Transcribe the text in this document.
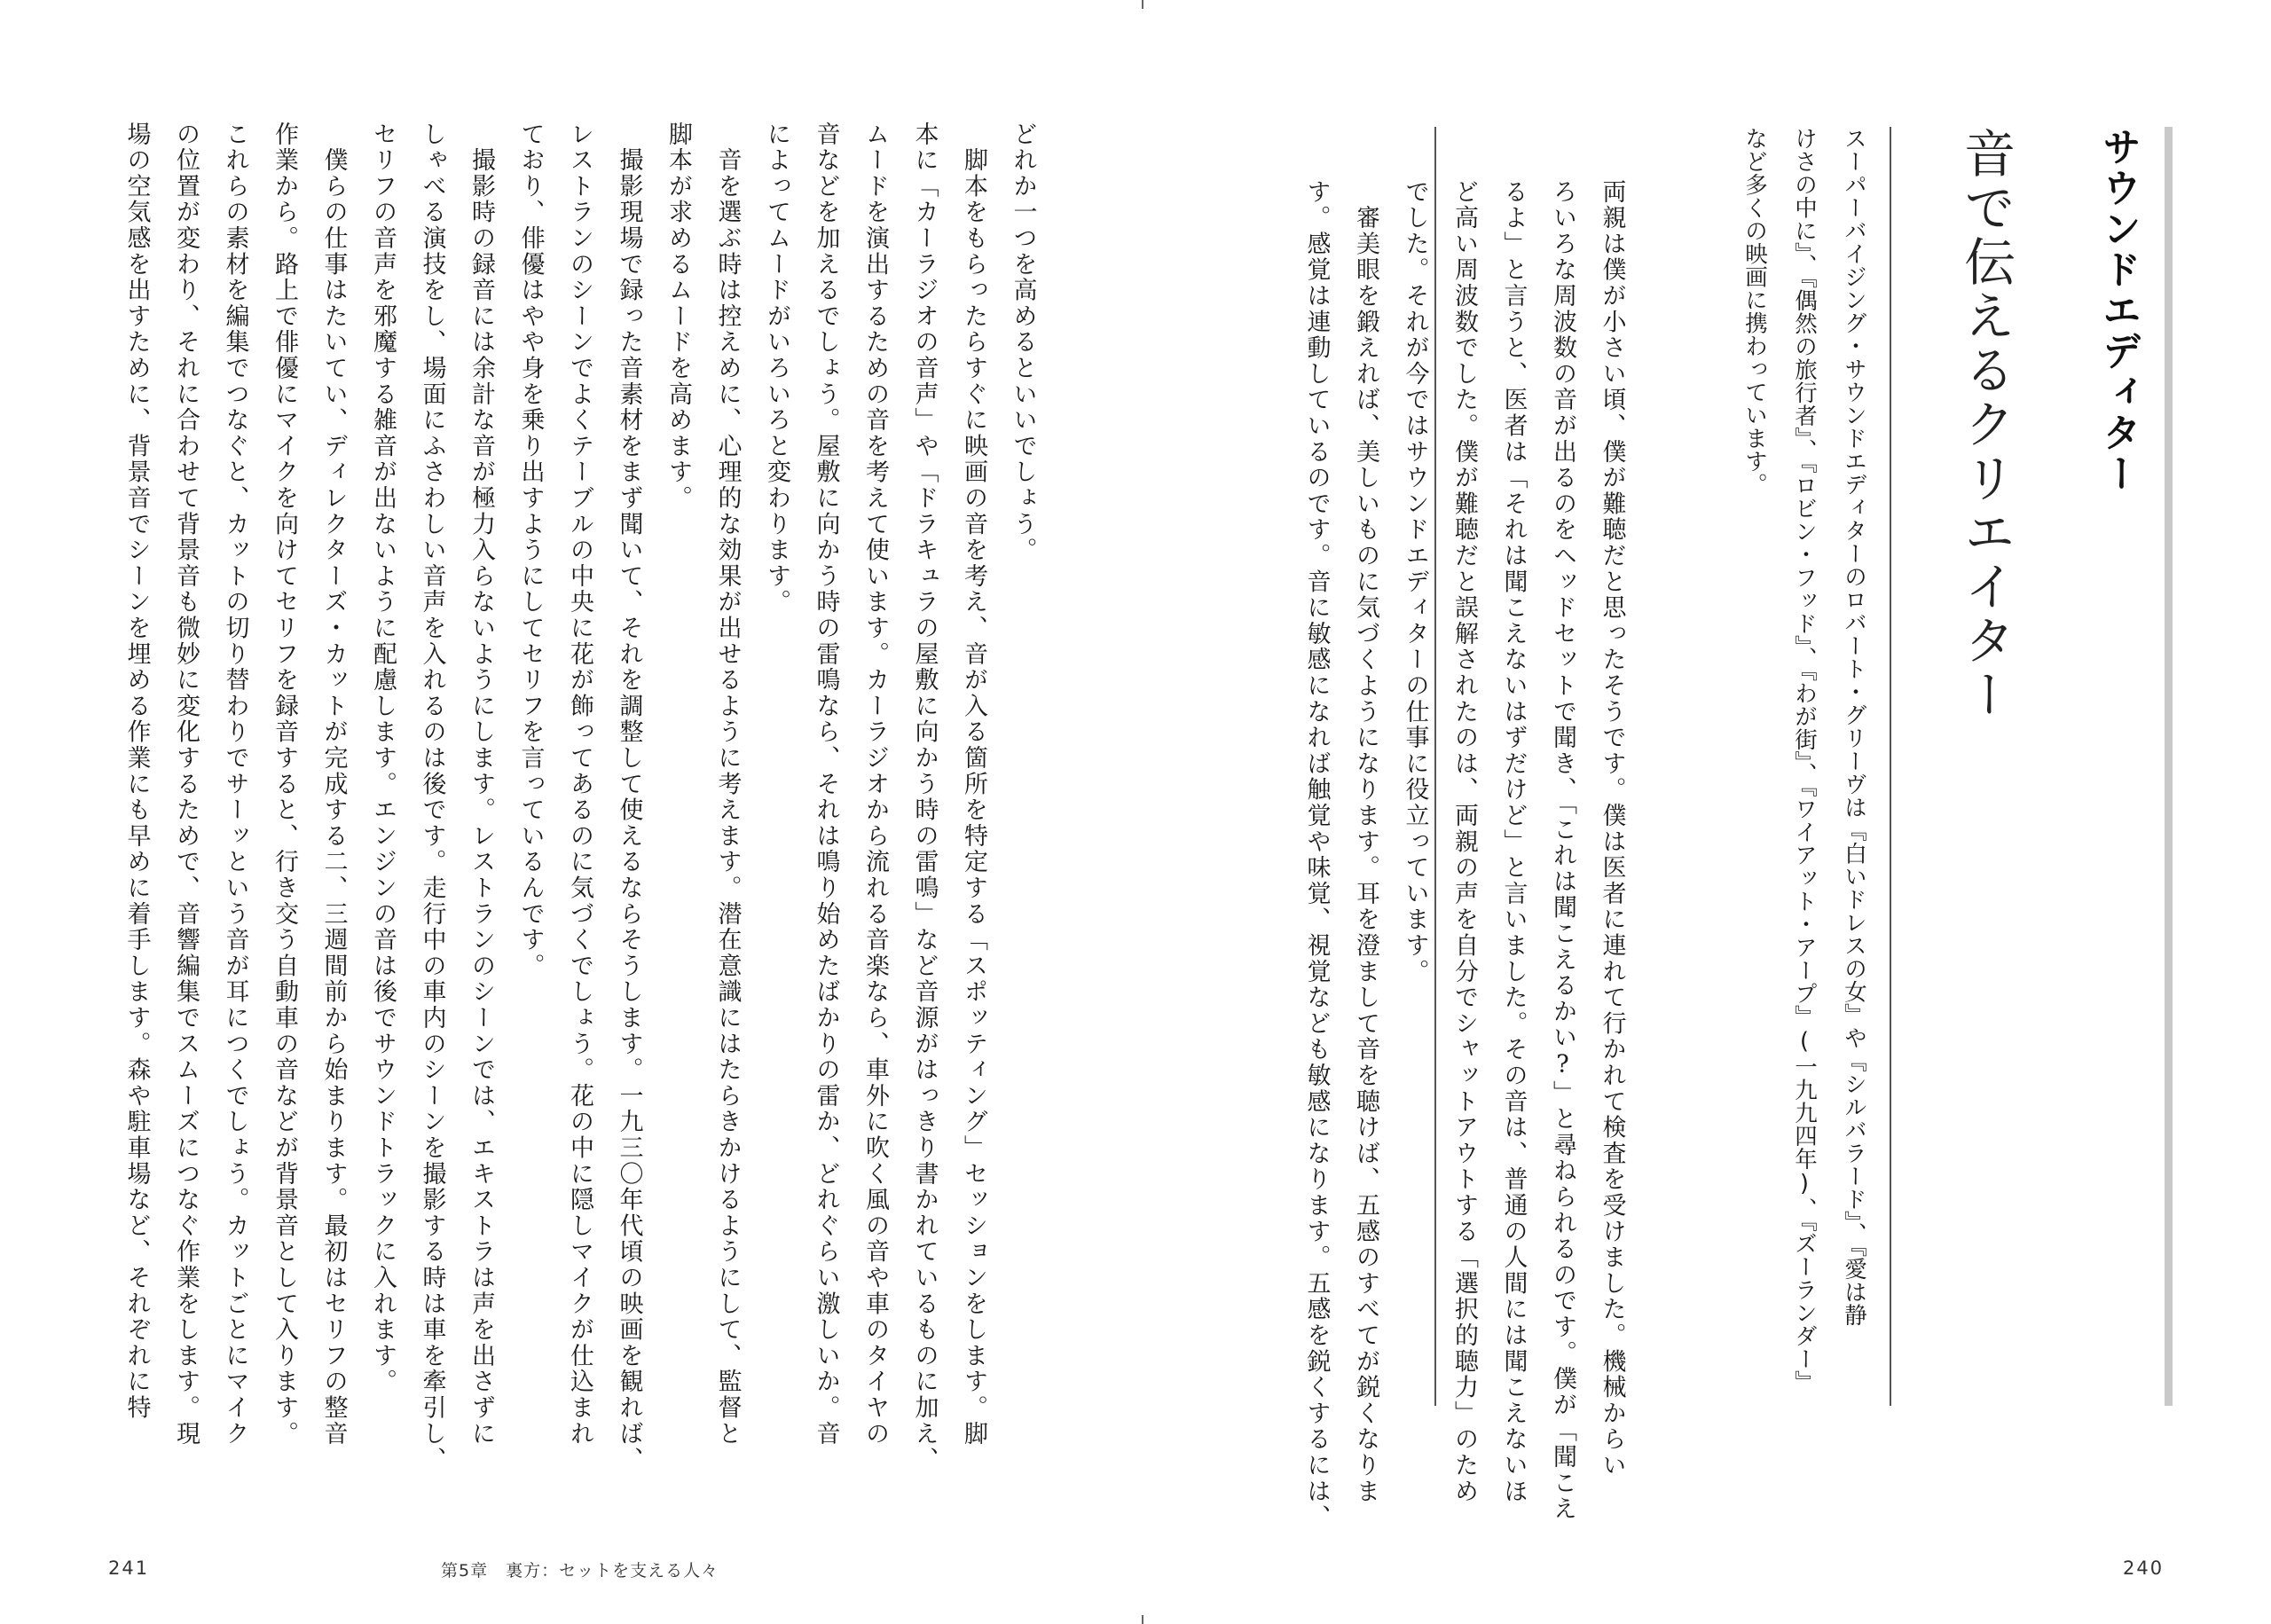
サウンドエディター
音で伝えるクリエイター
スーパーバイジング・サウンドエディターのロバート・グリーヴは『白いドレスの女』や『シルバラード』、『愛は静
けさの中に』、『偶然の旅行者』、『ロビン・フッド』、『わが街』、『ワイアット・アープ』(一九九四年)、『ズーランダー』
など多くの映画に携わっています。
両親は僕が小さい頃、僕が難聴だと思ったそうです。僕は医者に連れて行かれて検査を受けました。機械からい
ろいろな周波数の音が出るのをヘッドセットで聞き、「これは聞こえるかい?」と尋ねられるのです。僕が「聞こえ
るよ」と言うと、医者は「それは聞こえないはずだけど」と言いました。その音は、普通の人間には聞こえないほ
ど高い周波数でした。僕が難聴だと誤解されたのは、両親の声を自分でシャットアウトする「選択的聴力」のため
でした。それが今ではサウンドエディターの仕事に役立っています。
　審美眼を鍛えれば、美しいものに気づくようになります。耳を澄まして音を聴けば、五感のすべてが鋭くなりま
す。感覚は連動しているのです。音に敏感になれば触覚や味覚、視覚なども敏感になります。五感を鋭くするには、
どれか一つを高めるといいでしょう。
　脚本をもらったらすぐに映画の音を考え、音が入る箇所を特定する「スポッティング」セッションをします。脚
本に「カーラジオの音声」や「ドラキュラの屋敷に向かう時の雷鳴」など音源がはっきり書かれているものに加え、
ムードを演出するための音を考えて使います。カーラジオから流れる音楽なら、車外に吹く風の音や車のタイヤの
音などを加えるでしょう。屋敷に向かう時の雷鳴なら、それは鳴り始めたばかりの雷か、どれぐらい激しいか。音
によってムードがいろいろと変わります。
　音を選ぶ時は控えめに、心理的な効果が出せるように考えます。潜在意識にはたらきかけるようにして、監督と
脚本が求めるムードを高めます。
　撮影現場で録った音素材をまず聞いて、それを調整して使えるならそうします。一九三〇年代頃の映画を観れば、
レストランのシーンでよくテーブルの中央に花が飾ってあるのに気づくでしょう。花の中に隠しマイクが仕込まれ
ており、俳優はやや身を乗り出すようにしてセリフを言っているんです。
　撮影時の録音には余計な音が極力入らないようにします。レストランのシーンでは、エキストラは声を出さずに
しゃべる演技をし、場面にふさわしい音声を入れるのは後です。走行中の車内のシーンを撮影する時は車を牽引し、
セリフの音声を邪魔する雑音が出ないように配慮します。エンジンの音は後でサウンドトラックに入れます。
　僕らの仕事はたいてい、ディレクターズ・カットが完成する二、三週間前から始まります。最初はセリフの整音
作業から。路上で俳優にマイクを向けてセリフを録音すると、行き交う自動車の音などが背景音として入ります。
これらの素材を編集でつなぐと、カットの切り替わりでサーッという音が耳につくでしょう。カットごとにマイク
の位置が変わり、それに合わせて背景音も微妙に変化するためで、音響編集でスムーズにつなぐ作業をします。現
場の空気感を出すために、背景音でシーンを埋める作業にも早めに着手します。森や駐車場など、それぞれに特
241	第5章　裏方：セットを支える人々	240
